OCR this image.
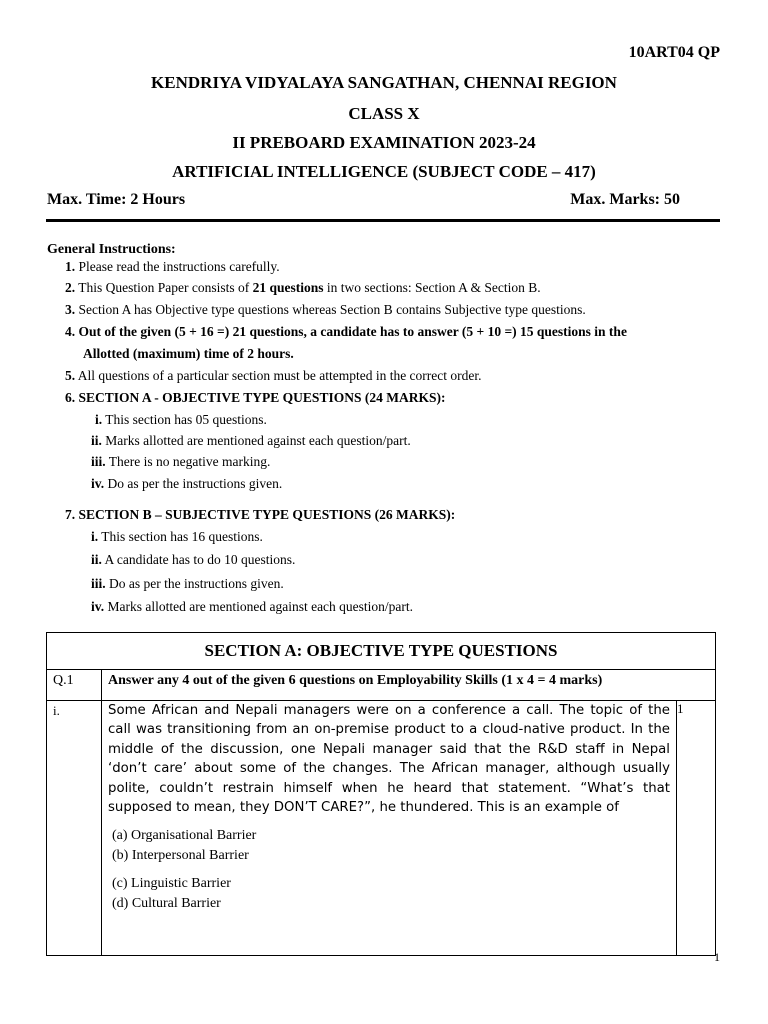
10ART04 QP
KENDRIYA VIDYALAYA SANGATHAN, CHENNAI REGION
CLASS X
II PREBOARD EXAMINATION 2023-24
ARTIFICIAL INTELLIGENCE (SUBJECT CODE – 417)
Max. Time: 2 Hours	Max. Marks: 50
General Instructions:
1. Please read the instructions carefully.
2. This Question Paper consists of 21 questions in two sections: Section A & Section B.
3. Section A has Objective type questions whereas Section B contains Subjective type questions.
4. Out of the given (5 + 16 =) 21 questions, a candidate has to answer (5 + 10 =) 15 questions in the
Allotted (maximum) time of 2 hours.
5. All questions of a particular section must be attempted in the correct order.
6. SECTION A - OBJECTIVE TYPE QUESTIONS (24 MARKS):
i. This section has 05 questions.
ii. Marks allotted are mentioned against each question/part.
iii. There is no negative marking.
iv. Do as per the instructions given.
7. SECTION B – SUBJECTIVE TYPE QUESTIONS (26 MARKS):
i. This section has 16 questions.
ii. A candidate has to do 10 questions.
iii. Do as per the instructions given.
iv. Marks allotted are mentioned against each question/part.
SECTION A: OBJECTIVE TYPE QUESTIONS		
Q.1	Answer any 4 out of the given 6 questions on Employability Skills (1 x 4 = 4 marks)	
i.	Some African and Nepali managers were on a conference a call. The topic of the call was transitioning from an on-premise product to a cloud-native product. In the middle of the discussion, one Nepali manager said that the R&D staff in Nepal ‘don’t care’ about some of the changes. The African manager, although usually polite, couldn’t restrain himself when he heard that statement. “What’s that supposed to mean, they DON’T CARE?”, he thundered. This is an example of
(a) Organisational Barrier
(b) Interpersonal Barrier
(c) Linguistic Barrier
(d) Cultural Barrier	1
1
